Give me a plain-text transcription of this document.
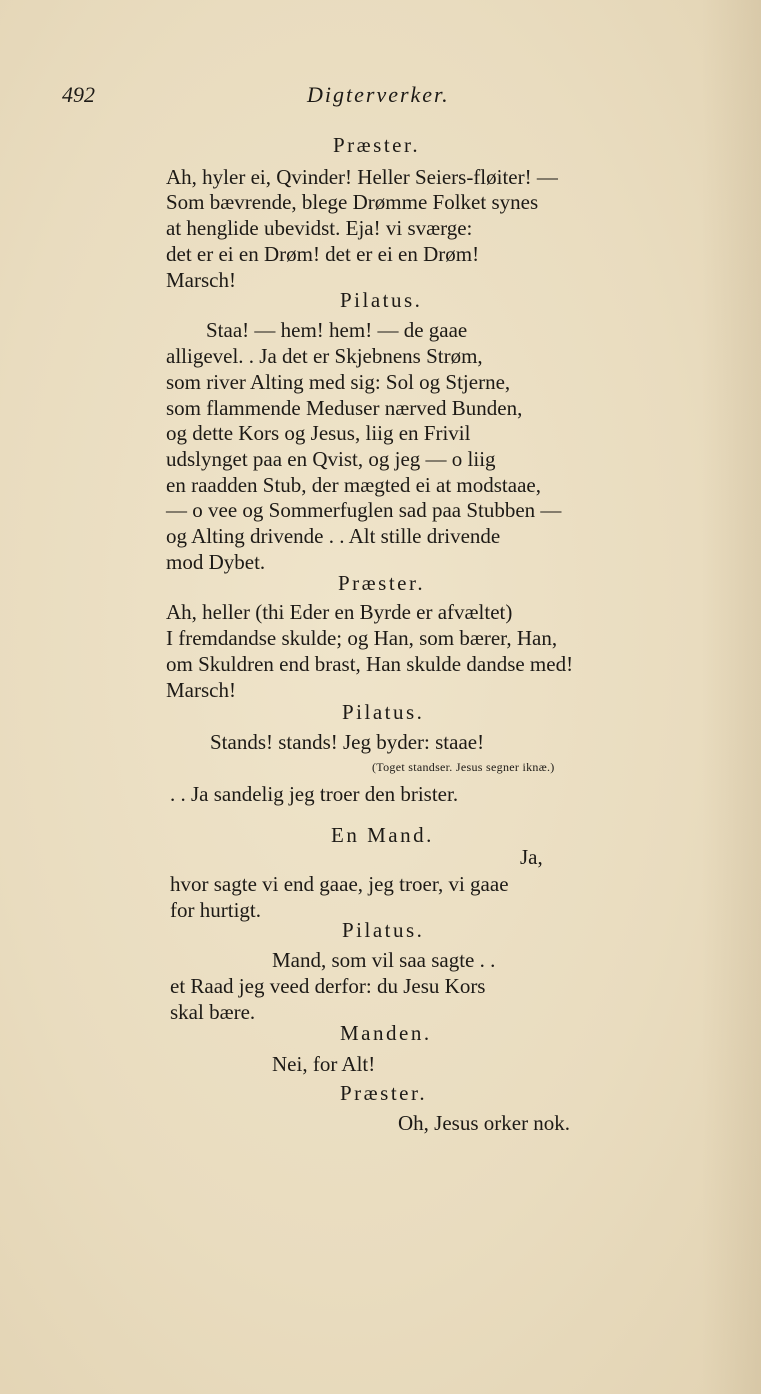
492	Digterverker.
Præster.
Ah, hyler ei, Qvinder! Heller Seiers-fløiter! —
Som bævrende, blege Drømme Folket synes
at henglide ubevidst. Eja! vi sværge:
det er ei en Drøm! det er ei en Drøm!
Marsch!
Pilatus.
Staa! — hem! hem! — de gaae
alligevel. . Ja det er Skjebnens Strøm,
som river Alting med sig: Sol og Stjerne,
som flammende Meduser nærved Bunden,
og dette Kors og Jesus, liig en Frivil
udslynget paa en Qvist, og jeg — o liig
en raadden Stub, der mægted ei at modstaae,
— o vee og Sommerfuglen sad paa Stubben —
og Alting drivende . . Alt stille drivende
mod Dybet.
Præster.
Ah, heller (thi Eder en Byrde er afvæltet)
I fremdandse skulde; og Han, som bærer, Han,
om Skuldren end brast, Han skulde dandse med!
Marsch!
Pilatus.
Stands! stands! Jeg byder: staae!
(Toget standser. Jesus segner iknæ.)
. . Ja sandelig jeg troer den brister.
En Mand.
Ja,
hvor sagte vi end gaae, jeg troer, vi gaae
for hurtigt.
Pilatus.
Mand, som vil saa sagte . .
et Raad jeg veed derfor: du Jesu Kors
skal bære.
Manden.
Nei, for Alt!
Præster.
Oh, Jesus orker nok.
